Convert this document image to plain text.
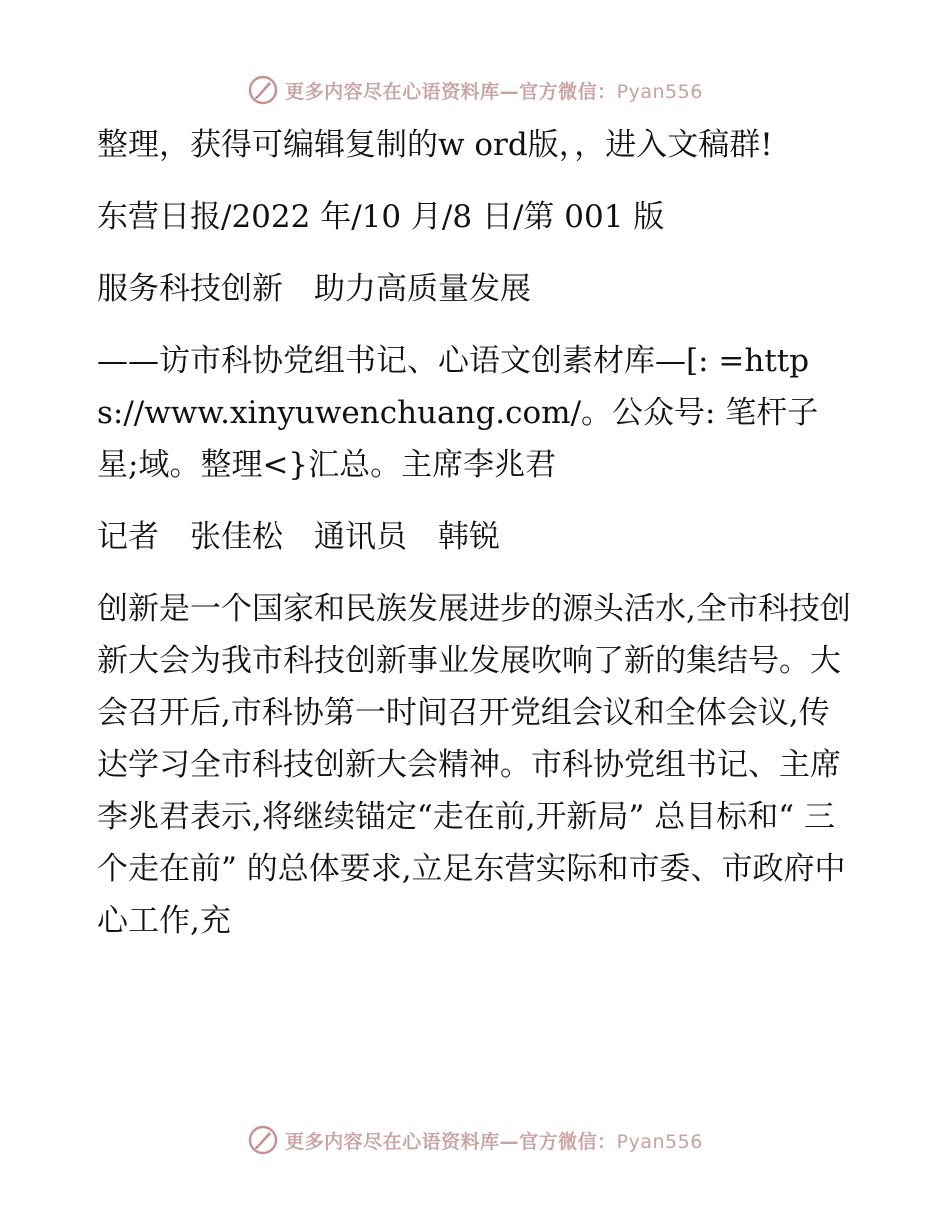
更多内容尽在心语资料库—官方微信：Pyan556

整理，获得可编辑复制的w ord版，，进入文稿群!

东营日报/2022 年/10 月/8 日/第 001 版

服务科技创新　助力高质量发展

——访市科协党组书记、心语文创素材库—[: =https://www.xinyuwenchuang.com/。公众号: 笔杆子星;域。整理<}汇总。主席李兆君

记者　张佳松　通讯员　韩锐

创新是一个国家和民族发展进步的源头活水,全市科技创新大会为我市科技创新事业发展吹响了新的集结号。大会召开后,市科协第一时间召开党组会议和全体会议,传达学习全市科技创新大会精神。市科协党组书记、主席李兆君表示,将继续锚定“走在前,开新局” 总目标和“ 三个走在前” 的总体要求,立足东营实际和市委、市政府中心工作,充

更多内容尽在心语资料库—官方微信：Pyan556
